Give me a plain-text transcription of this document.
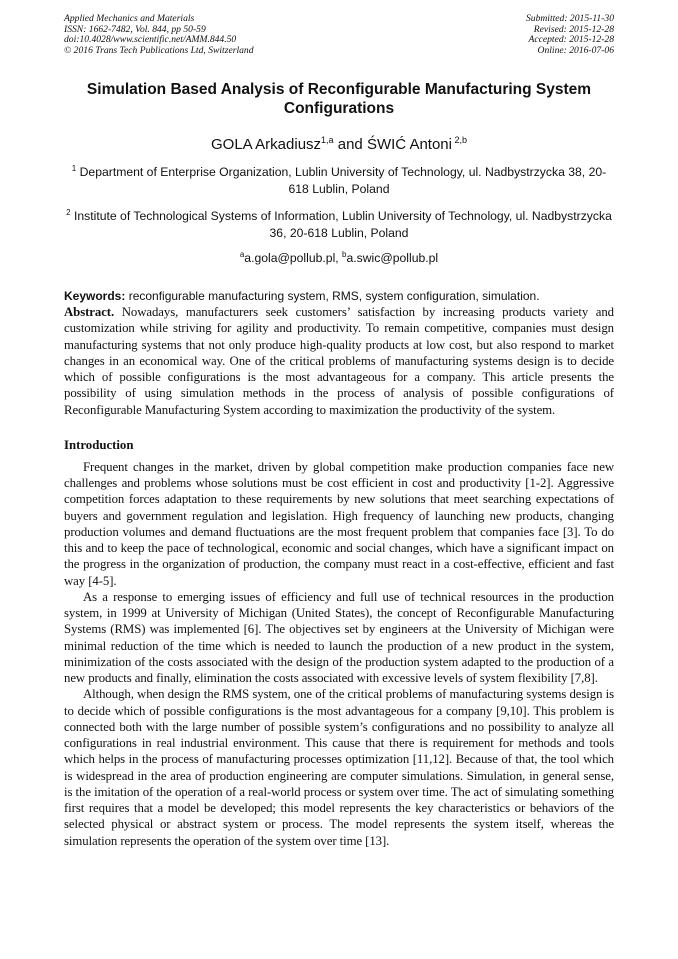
Applied Mechanics and Materials
ISSN: 1662-7482, Vol. 844, pp 50-59
doi:10.4028/www.scientific.net/AMM.844.50
© 2016 Trans Tech Publications Ltd, Switzerland
Submitted: 2015-11-30
Revised: 2015-12-28
Accepted: 2015-12-28
Online: 2016-07-06
Simulation Based Analysis of Reconfigurable Manufacturing System Configurations
GOLA Arkadiusz$^{1,a}$ and ŚWIĆ Antoni $^{2,b}$
$^1$ Department of Enterprise Organization, Lublin University of Technology, ul. Nadbystrzycka 38, 20-618 Lublin, Poland
$^2$ Institute of Technological Systems of Information, Lublin University of Technology, ul. Nadbystrzycka 36, 20-618 Lublin, Poland
$^a$a.gola@pollub.pl, $^b$a.swic@pollub.pl
Keywords: reconfigurable manufacturing system, RMS, system configuration, simulation.

Abstract. Nowadays, manufacturers seek customers’ satisfaction by increasing products variety and customization while striving for agility and productivity. To remain competitive, companies must design manufacturing systems that not only produce high-quality products at low cost, but also respond to market changes in an economical way. One of the critical problems of manufacturing systems design is to decide which of possible configurations is the most advantageous for a company. This article presents the possibility of using simulation methods in the process of analysis of possible configurations of Reconfigurable Manufacturing System according to maximization the productivity of the system.

Introduction

Frequent changes in the market, driven by global competition make production companies face new challenges and problems whose solutions must be cost efficient in cost and productivity [1-2]. Aggressive competition forces adaptation to these requirements by new solutions that meet searching expectations of buyers and government regulation and legislation. High frequency of launching new products, changing production volumes and demand fluctuations are the most frequent problem that companies face [3]. To do this and to keep the pace of technological, economic and social changes, which have a significant impact on the progress in the organization of production, the company must react in a cost-effective, efficient and fast way [4-5].

As a response to emerging issues of efficiency and full use of technical resources in the production system, in 1999 at University of Michigan (United States), the concept of Reconfigurable Manufacturing Systems (RMS) was implemented [6]. The objectives set by engineers at the University of Michigan were minimal reduction of the time which is needed to launch the production of a new product in the system, minimization of the costs associated with the design of the production system adapted to the production of a new products and finally, elimination the costs associated with excessive levels of system flexibility [7,8].

Although, when design the RMS system, one of the critical problems of manufacturing systems design is to decide which of possible configurations is the most advantageous for a company [9,10]. This problem is connected both with the large number of possible system’s configurations and no possibility to analyze all configurations in real industrial environment. This cause that there is requirement for methods and tools which helps in the process of manufacturing processes optimization [11,12]. Because of that, the tool which is widespread in the area of production engineering are computer simulations. Simulation, in general sense, is the imitation of the operation of a real-world process or system over time. The act of simulating something first requires that a model be developed; this model represents the key characteristics or behaviors of the selected physical or abstract system or process. The model represents the system itself, whereas the simulation represents the operation of the system over time [13].
